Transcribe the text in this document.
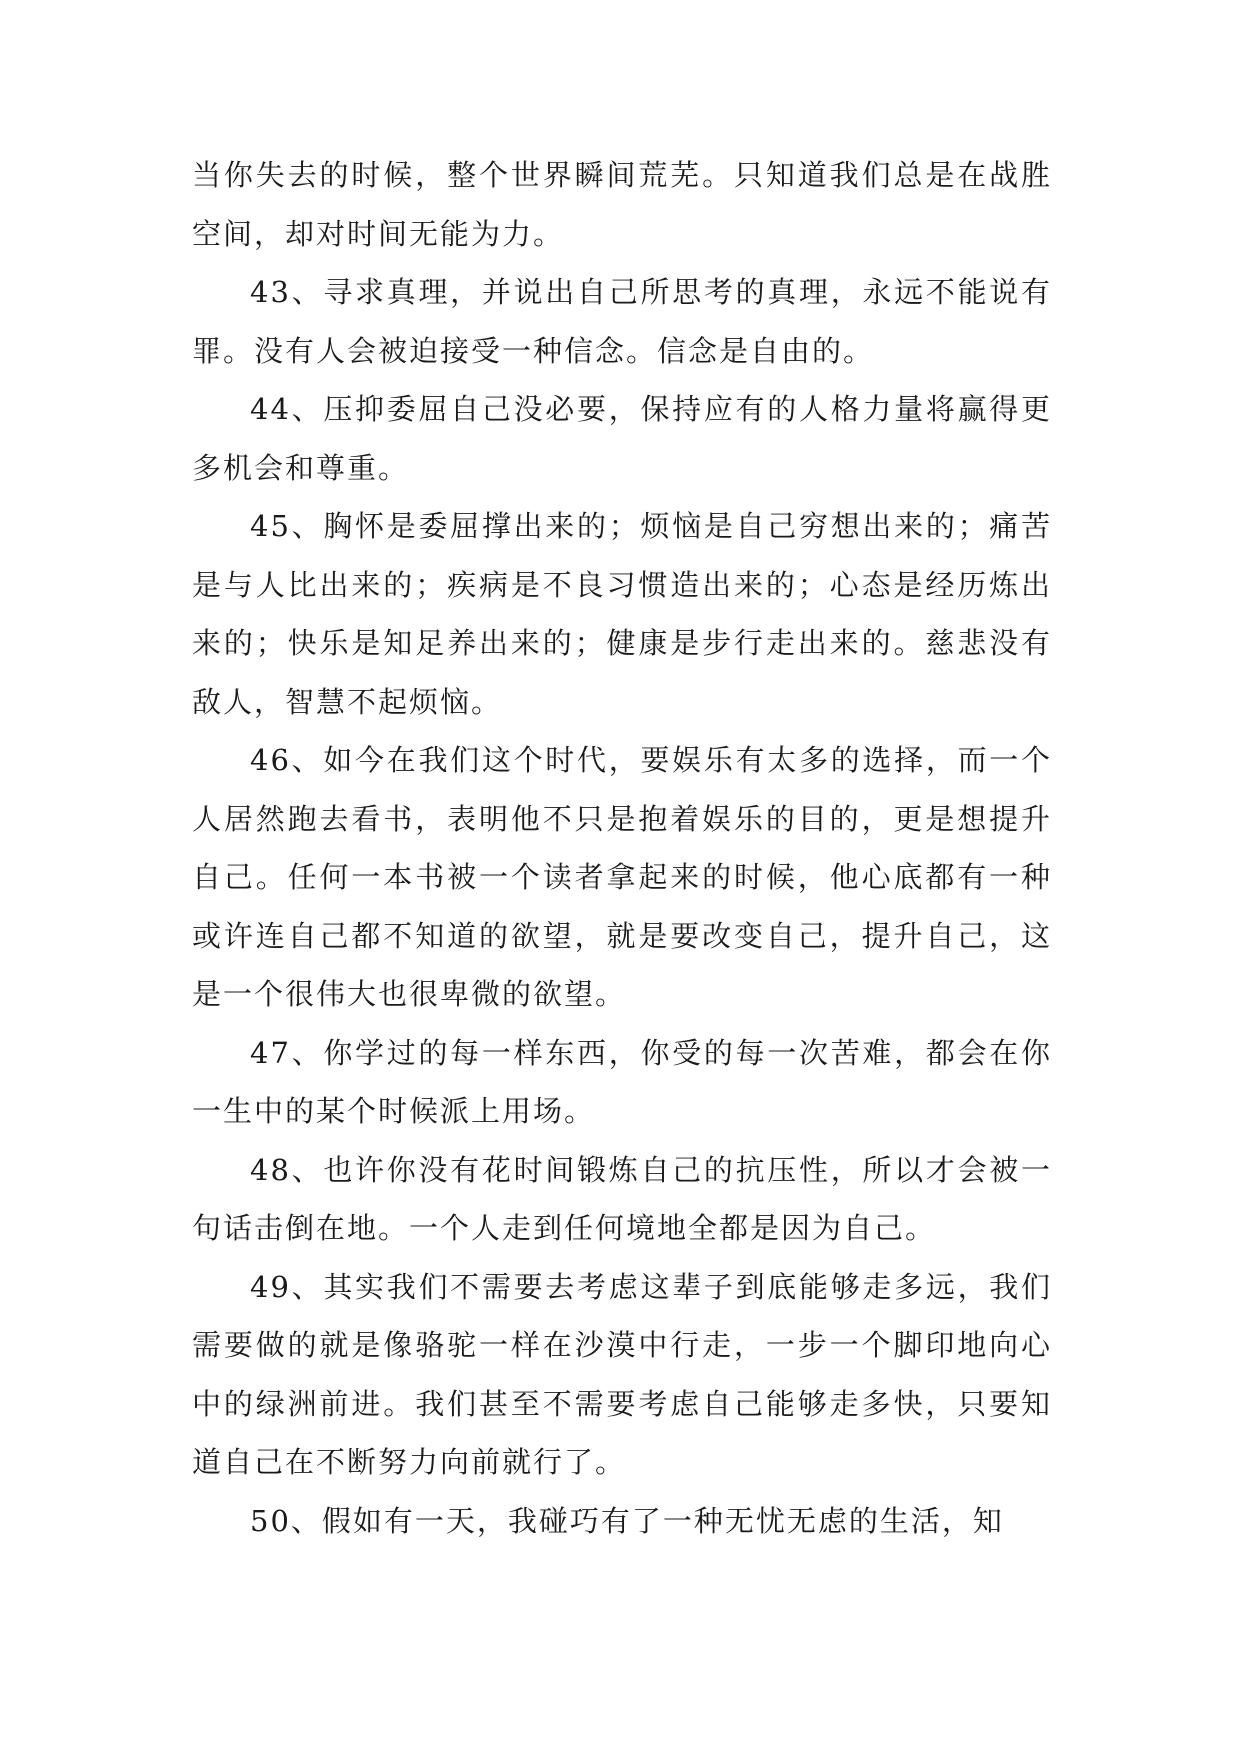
当你失去的时候，整个世界瞬间荒芜。只知道我们总是在战胜空间，却对时间无能为力。

43、寻求真理，并说出自己所思考的真理，永远不能说有罪。没有人会被迫接受一种信念。信念是自由的。

44、压抑委屈自己没必要，保持应有的人格力量将赢得更多机会和尊重。

45、胸怀是委屈撑出来的；烦恼是自己穷想出来的；痛苦是与人比出来的；疾病是不良习惯造出来的；心态是经历炼出来的；快乐是知足养出来的；健康是步行走出来的。慈悲没有敌人，智慧不起烦恼。

46、如今在我们这个时代，要娱乐有太多的选择，而一个人居然跑去看书，表明他不只是抱着娱乐的目的，更是想提升自己。任何一本书被一个读者拿起来的时候，他心底都有一种或许连自己都不知道的欲望，就是要改变自己，提升自己，这是一个很伟大也很卑微的欲望。

47、你学过的每一样东西，你受的每一次苦难，都会在你一生中的某个时候派上用场。

48、也许你没有花时间锻炼自己的抗压性，所以才会被一句话击倒在地。一个人走到任何境地全都是因为自己。

49、其实我们不需要去考虑这辈子到底能够走多远，我们需要做的就是像骆驼一样在沙漠中行走，一步一个脚印地向心中的绿洲前进。我们甚至不需要考虑自己能够走多快，只要知道自己在不断努力向前就行了。

50、假如有一天，我碰巧有了一种无忧无虑的生活，知
